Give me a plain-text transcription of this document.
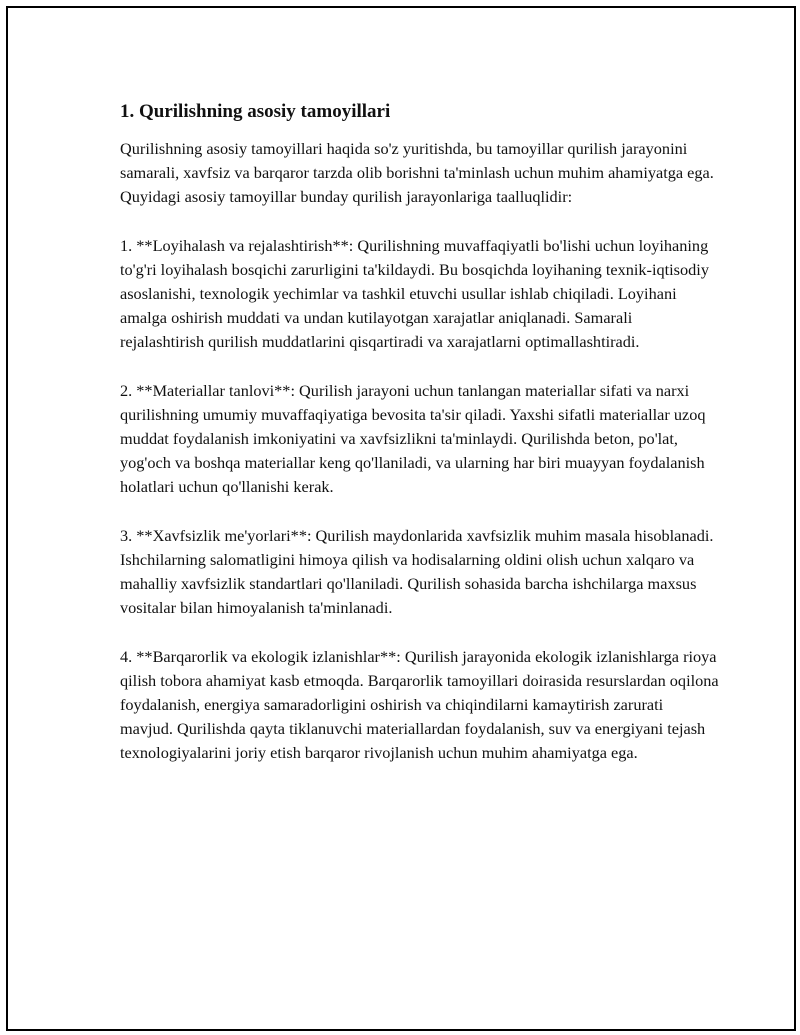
1. Qurilishning asosiy tamoyillari

Qurilishning asosiy tamoyillari haqida so'z yuritishda, bu tamoyillar qurilish jarayonini samarali, xavfsiz va barqaror tarzda olib borishni ta'minlash uchun muhim ahamiyatga ega. Quyidagi asosiy tamoyillar bunday qurilish jarayonlariga taalluqlidir:

1. **Loyihalash va rejalashtirish**: Qurilishning muvaffaqiyatli bo'lishi uchun loyihaning to'g'ri loyihalash bosqichi zarurligini ta'kildaydi. Bu bosqichda loyihaning texnik-iqtisodiy asoslanishi, texnologik yechimlar va tashkil etuvchi usullar ishlab chiqiladi. Loyihani amalga oshirish muddati va undan kutilayotgan xarajatlar aniqlanadi. Samarali rejalashtirish qurilish muddatlarini qisqartiradi va xarajatlarni optimallashtiradi.

2. **Materiallar tanlovi**: Qurilish jarayoni uchun tanlangan materiallar sifati va narxi qurilishning umumiy muvaffaqiyatiga bevosita ta'sir qiladi. Yaxshi sifatli materiallar uzoq muddat foydalanish imkoniyatini va xavfsizlikni ta'minlaydi. Qurilishda beton, po'lat, yog'och va boshqa materiallar keng qo'llaniladi, va ularning har biri muayyan foydalanish holatlari uchun qo'llanishi kerak.

3. **Xavfsizlik me'yorlari**: Qurilish maydonlarida xavfsizlik muhim masala hisoblanadi. Ishchilarning salomatligini himoya qilish va hodisalarning oldini olish uchun xalqaro va mahalliy xavfsizlik standartlari qo'llaniladi. Qurilish sohasida barcha ishchilarga maxsus vositalar bilan himoyalanish ta'minlanadi.

4. **Barqarorlik va ekologik izlanishlar**: Qurilish jarayonida ekologik izlanishlarga rioya qilish tobora ahamiyat kasb etmoqda. Barqarorlik tamoyillari doirasida resurslardan oqilona foydalanish, energiya samaradorligini oshirish va chiqindilarni kamaytirish zarurati mavjud. Qurilishda qayta tiklanuvchi materiallardan foydalanish, suv va energiyani tejash texnologiyalarini joriy etish barqaror rivojlanish uchun muhim ahamiyatga ega.
